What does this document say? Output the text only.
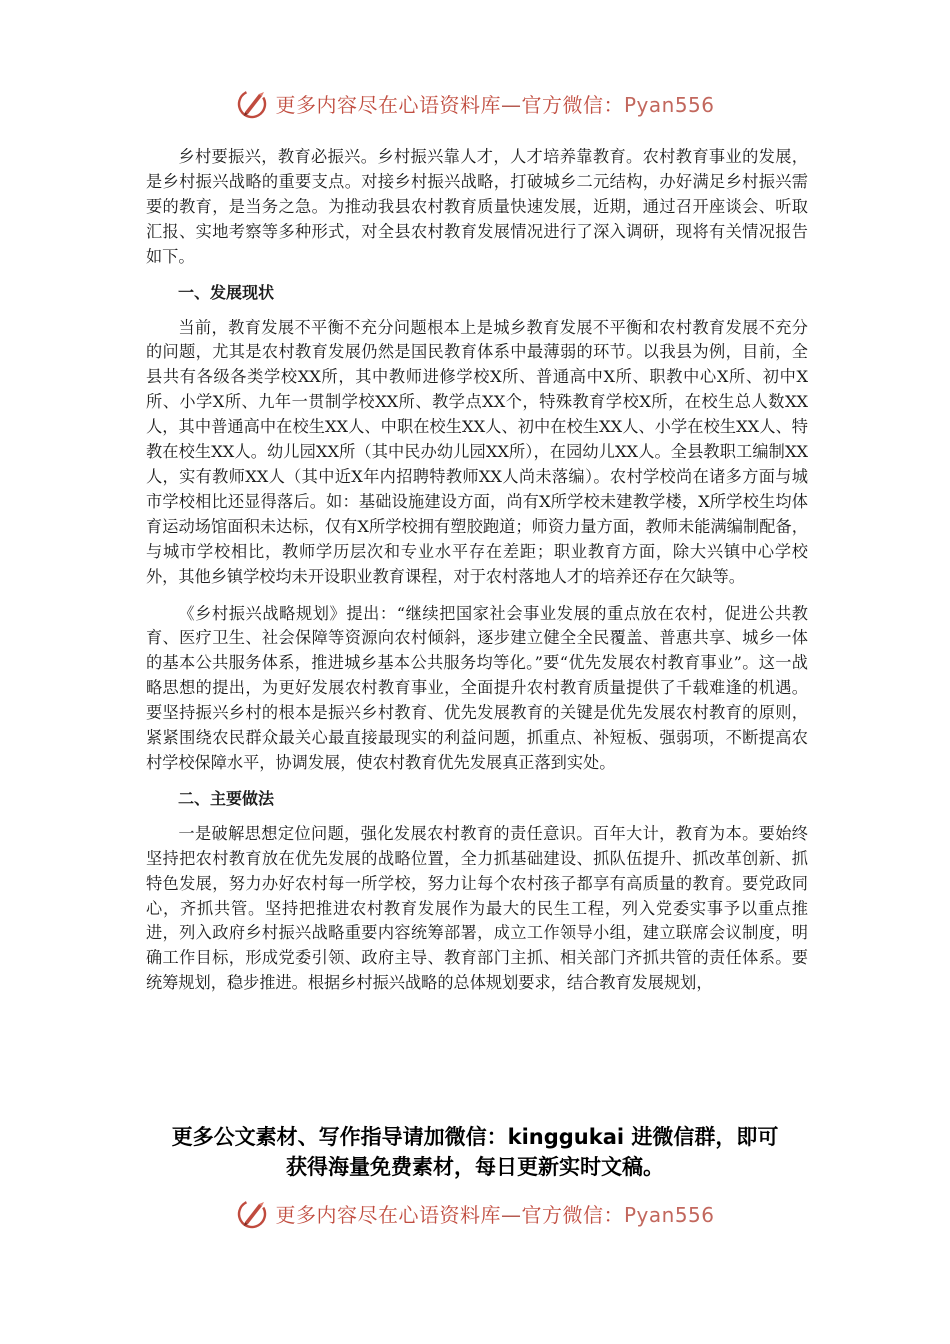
更多内容尽在心语资料库—官方微信：Pyan556

乡村要振兴，教育必振兴。乡村振兴靠人才，人才培养靠教育。农村教育事业的发展，是乡村振兴战略的重要支点。对接乡村振兴战略，打破城乡二元结构，办好满足乡村振兴需要的教育，是当务之急。为推动我县农村教育质量快速发展，近期，通过召开座谈会、听取汇报、实地考察等多种形式，对全县农村教育发展情况进行了深入调研，现将有关情况报告如下。

一、发展现状

当前，教育发展不平衡不充分问题根本上是城乡教育发展不平衡和农村教育发展不充分的问题，尤其是农村教育发展仍然是国民教育体系中最薄弱的环节。以我县为例，目前，全县共有各级各类学校XX所，其中教师进修学校X所、普通高中X所、职教中心X所、初中X所、小学X所、九年一贯制学校XX所、教学点XX个，特殊教育学校X所，在校生总人数XX人，其中普通高中在校生XX人、中职在校生XX人、初中在校生XX人、小学在校生XX人、特教在校生XX人。幼儿园XX所（其中民办幼儿园XX所），在园幼儿XX人。全县教职工编制XX人，实有教师XX人（其中近X年内招聘特教师XX人尚未落编）。农村学校尚在诸多方面与城市学校相比还显得落后。如：基础设施建设方面，尚有X所学校未建教学楼，X所学校生均体育运动场馆面积未达标，仅有X所学校拥有塑胶跑道；师资力量方面，教师未能满编制配备，与城市学校相比，教师学历层次和专业水平存在差距；职业教育方面，除大兴镇中心学校外，其他乡镇学校均未开设职业教育课程，对于农村落地人才的培养还存在欠缺等。

《乡村振兴战略规划》提出：“继续把国家社会事业发展的重点放在农村，促进公共教育、医疗卫生、社会保障等资源向农村倾斜，逐步建立健全全民覆盖、普惠共享、城乡一体的基本公共服务体系，推进城乡基本公共服务均等化。”要“优先发展农村教育事业”。这一战略思想的提出，为更好发展农村教育事业，全面提升农村教育质量提供了千载难逢的机遇。要坚持振兴乡村的根本是振兴乡村教育、优先发展教育的关键是优先发展农村教育的原则，紧紧围绕农民群众最关心最直接最现实的利益问题，抓重点、补短板、强弱项，不断提高农村学校保障水平，协调发展，使农村教育优先发展真正落到实处。

二、主要做法

一是破解思想定位问题，强化发展农村教育的责任意识。百年大计，教育为本。要始终坚持把农村教育放在优先发展的战略位置，全力抓基础建设、抓队伍提升、抓改革创新、抓特色发展，努力办好农村每一所学校，努力让每个农村孩子都享有高质量的教育。要党政同心，齐抓共管。坚持把推进农村教育发展作为最大的民生工程，列入党委实事予以重点推进，列入政府乡村振兴战略重要内容统筹部署，成立工作领导小组，建立联席会议制度，明确工作目标，形成党委引领、政府主导、教育部门主抓、相关部门齐抓共管的责任体系。要统筹规划，稳步推进。根据乡村振兴战略的总体规划要求，结合教育发展规划，

更多公文素材、写作指导请加微信：kinggukai 进微信群，即可
获得海量免费素材，每日更新实时文稿。
更多内容尽在心语资料库—官方微信：Pyan556
